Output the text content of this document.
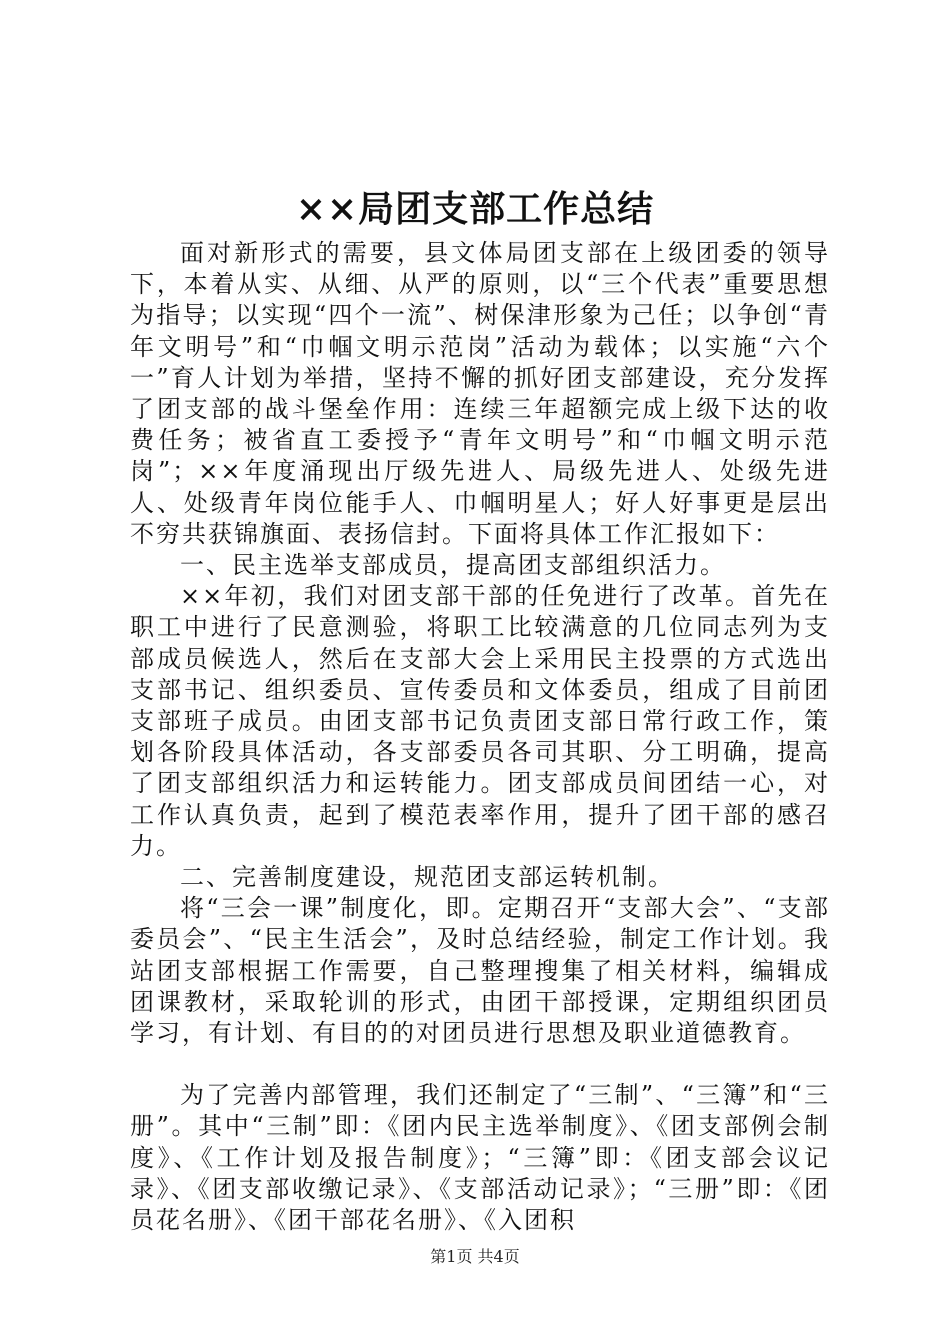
××局团支部工作总结

面对新形式的需要，县文体局团支部在上级团委的领导下，本着从实、从细、从严的原则，以“三个代表”重要思想为指导；以实现“四个一流”、树保津形象为己任；以争创“青年文明号”和“巾帼文明示范岗”活动为载体；以实施“六个一”育人计划为举措，坚持不懈的抓好团支部建设，充分发挥了团支部的战斗堡垒作用：连续三年超额完成上级下达的收费任务；被省直工委授予“青年文明号”和“巾帼文明示范岗”；××年度涌现出厅级先进人、局级先进人、处级先进人、处级青年岗位能手人、巾帼明星人；好人好事更是层出不穷共获锦旗面、表扬信封。下面将具体工作汇报如下：

一、民主选举支部成员，提高团支部组织活力。

××年初，我们对团支部干部的任免进行了改革。首先在职工中进行了民意测验，将职工比较满意的几位同志列为支部成员候选人，然后在支部大会上采用民主投票的方式选出支部书记、组织委员、宣传委员和文体委员，组成了目前团支部班子成员。由团支部书记负责团支部日常行政工作，策划各阶段具体活动，各支部委员各司其职、分工明确，提高了团支部组织活力和运转能力。团支部成员间团结一心，对工作认真负责，起到了模范表率作用，提升了团干部的感召力。

二、完善制度建设，规范团支部运转机制。

将“三会一课”制度化，即。定期召开“支部大会”、“支部委员会”、“民主生活会”，及时总结经验，制定工作计划。我站团支部根据工作需要，自己整理搜集了相关材料，编辑成团课教材，采取轮训的形式，由团干部授课，定期组织团员学习，有计划、有目的的对团员进行思想及职业道德教育。

为了完善内部管理，我们还制定了“三制”、“三簿”和“三册”。其中“三制”即：《团内民主选举制度》、《团支部例会制度》、《工作计划及报告制度》；“三簿”即：《团支部会议记录》、《团支部收缴记录》、《支部活动记录》；“三册”即：《团员花名册》、《团干部花名册》、《入团积

第1页 共4页
